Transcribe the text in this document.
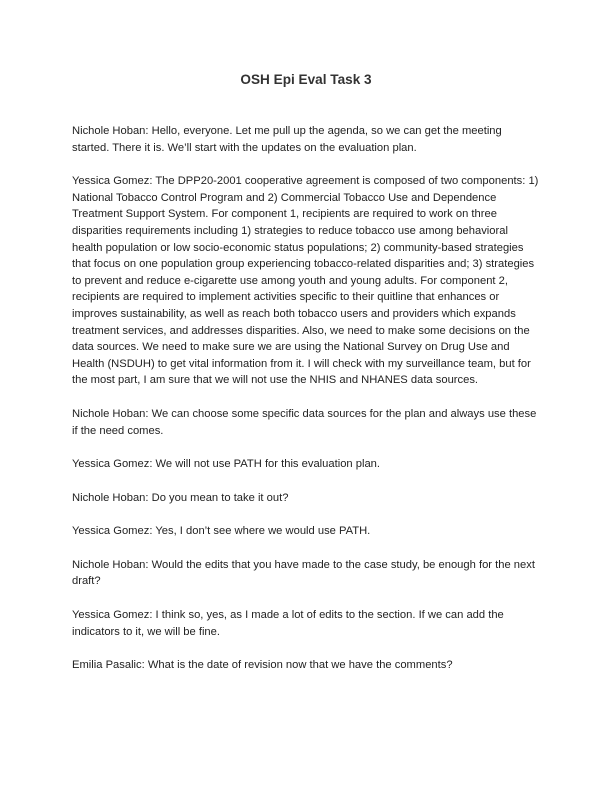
OSH Epi Eval Task 3

Nichole Hoban : Hello, everyone. Let me pull up the agenda, so we can get the meeting started. There it is. We’ll start with the updates on the evaluation plan.

Yessica Gomez : The DPP20-2001 cooperative agreement is composed of two components: 1) National Tobacco Control Program and 2) Commercial Tobacco Use and Dependence Treatment Support System. For component 1, recipients are required to work on three disparities requirements including 1) strategies to reduce tobacco use among behavioral health population or low socio-economic status populations; 2) community-based strategies that focus on one population group experiencing tobacco-related disparities and; 3) strategies to prevent and reduce e-cigarette use among youth and young adults. For component 2, recipients are required to implement activities specific to their quitline that enhances or improves sustainability, as well as reach both tobacco users and providers which expands treatment services, and addresses disparities. Also, we need to make some decisions on the data sources. We need to make sure we are using the National Survey on Drug Use and Health (NSDUH) to get vital information from it. I will check with my surveillance team, but for the most part, I am sure that we will not use the NHIS and NHANES data sources.

Nichole Hoban : We can choose some specific data sources for the plan and always use these if the need comes.

Yessica Gomez : We will not use PATH for this evaluation plan.

Nichole Hoban : Do you mean to take it out?

Yessica Gomez : Yes, I don’t see where we would use PATH.

Nichole Hoban : Would the edits that you have made to the case study, be enough for the next draft?

Yessica Gomez : I think so, yes, as I made a lot of edits to the section. If we can add the indicators to it, we will be fine.

Emilia Pasalic : What is the date of revision now that we have the comments?
